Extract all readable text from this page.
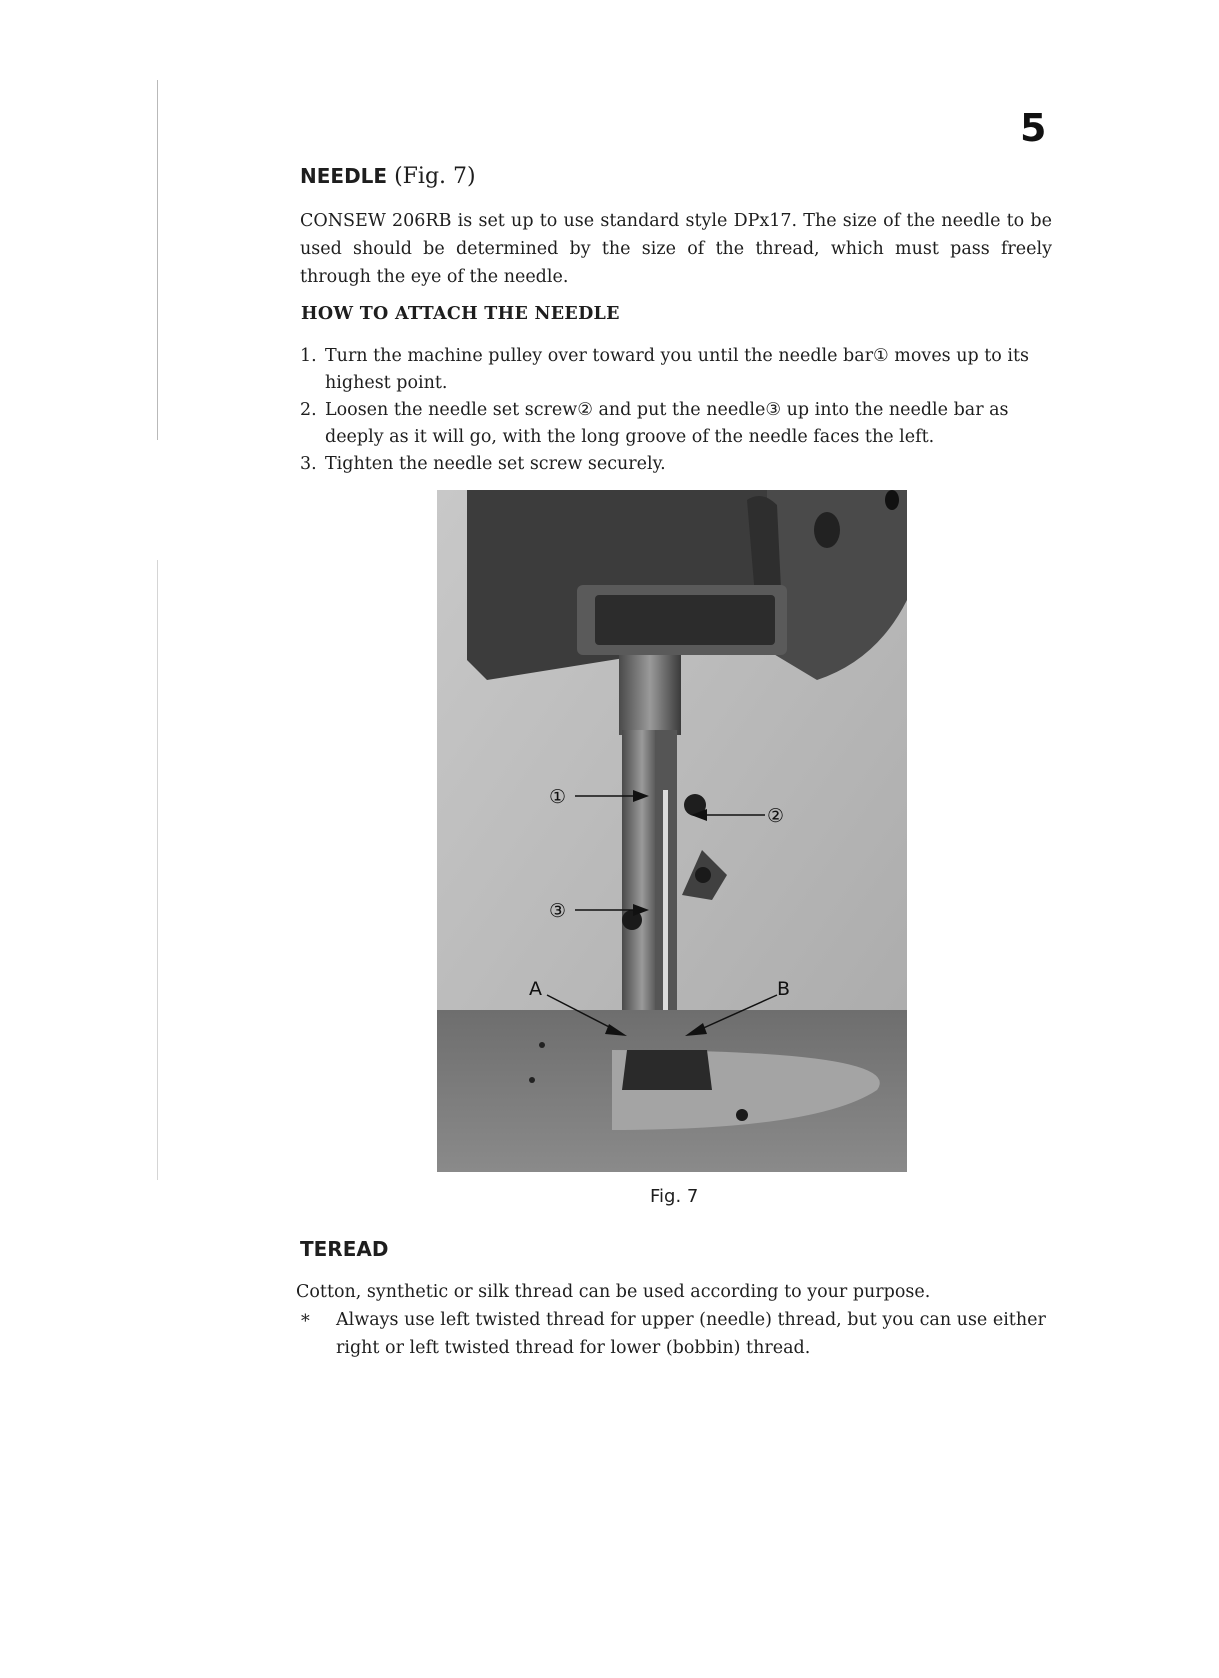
5
NEEDLE (Fig. 7)
CONSEW 206RB is set up to use standard style DPx17. The size of the needle to be used should be determined by the size of the thread, which must pass freely through the eye of the needle.
HOW TO ATTACH THE NEEDLE
1. Turn the machine pulley over toward you until the needle bar① moves up to its highest point.
2. Loosen the needle set screw② and put the needle③ up into the needle bar as deeply as it will go, with the long groove of the needle faces the left.
3. Tighten the needle set screw securely.
①
②
③
A	B
Fig. 7
TEREAD
Cotton, synthetic or silk thread can be used according to your purpose.
* Always use left twisted thread for upper (needle) thread, but you can use either right or left twisted thread for lower (bobbin) thread.
